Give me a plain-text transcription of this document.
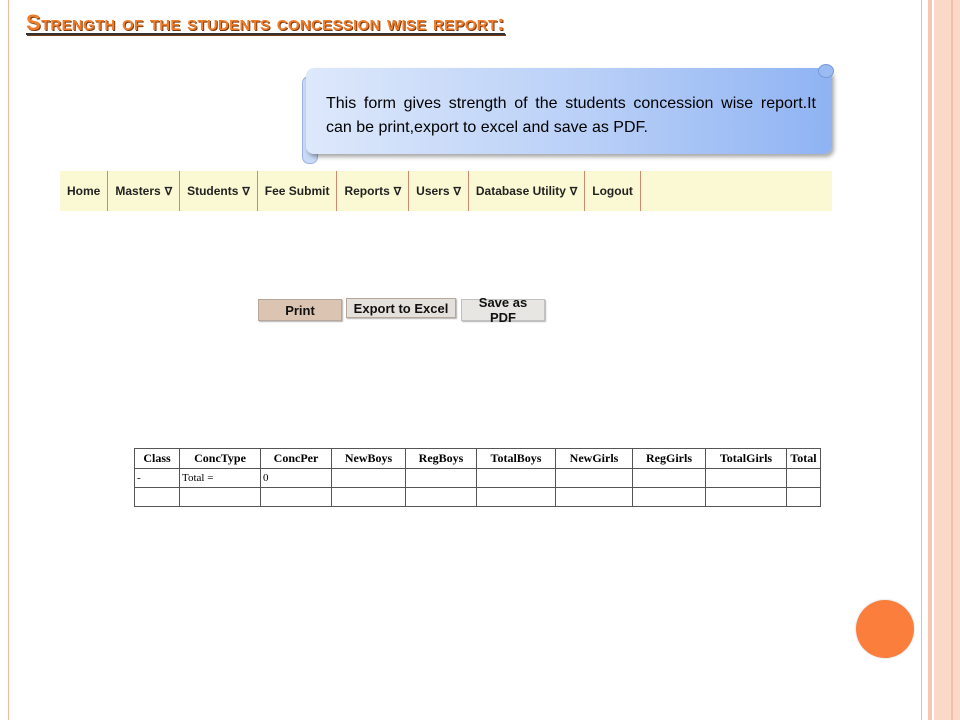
Strength of the students concession wise report:
This form gives strength of the students concession wise report.It can be print,export to excel and save as PDF.
Home Masters ∇ Students ∇ Fee Submit Reports ∇ Users ∇ Database Utility ∇ Logout
Print	Export to Excel	Save as PDF
Class	ConcType	ConcPer	NewBoys	RegBoys	TotalBoys	NewGirls	RegGirls	TotalGirls	Total
-	Total =	0							
